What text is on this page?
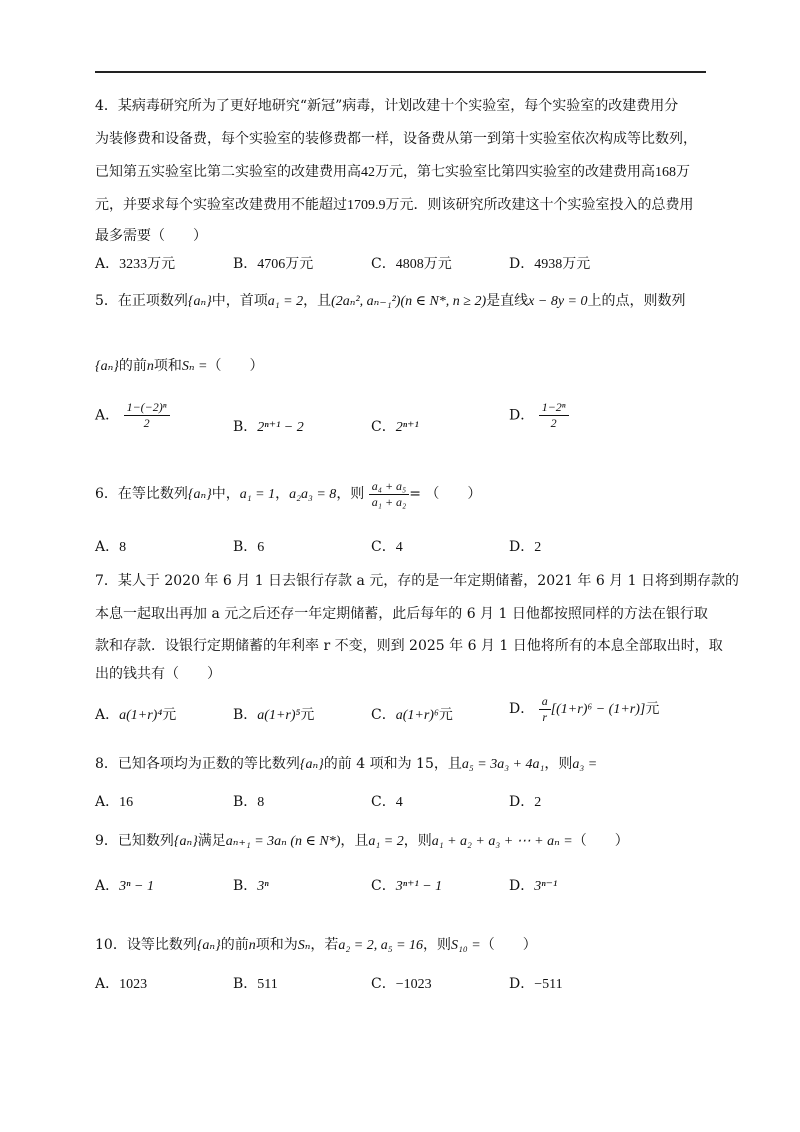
4．某病毒研究所为了更好地研究“新冠”病毒，计划改建十个实验室，每个实验室的改建费用分
为装修费和设备费，每个实验室的装修费都一样，设备费从第一到第十实验室依次构成等比数列，
已知第五实验室比第二实验室的改建费用高42万元，第七实验室比第四实验室的改建费用高168万
元，并要求每个实验室改建费用不能超过1709.9万元．则该研究所改建这十个实验室投入的总费用
最多需要（　　）
A．3233万元	B．4706万元	C．4808万元	D．4938万元
5．在正项数列{aₙ}中，首项a₁ = 2，且(2aₙ², aₙ₋₁²)(n ∈ N*, n ≥ 2)是直线x − 8y = 0上的点，则数列
{aₙ}的前n项和Sₙ =（　　）
A． $\frac{\text{1−(−2)ⁿ}}{2}$	B．2ⁿ⁺¹ − 2	C．2ⁿ⁺¹
D． $\frac{\text{1−2ⁿ}}{2}$
6．在等比数列{aₙ}中，a₁ = 1，a₂a₃ = 8，则 $\frac{\text{a₄ + a₅}}{\text{a₁ + a₂}}$ = （　　）
A．8	B．6	C．4	D．2
7．某人于 2020 年 6 月 1 日去银行存款 a 元，存的是一年定期储蓄，2021 年 6 月 1 日将到期存款的
本息一起取出再加 a 元之后还存一年定期储蓄，此后每年的 6 月 1 日他都按照同样的方法在银行取
款和存款．设银行定期储蓄的年利率 r 不变，则到 2025 年 6 月 1 日他将所有的本息全部取出时，取
出的钱共有（　　）
A．a(1+r)⁴元	B．a(1+r)⁵元	C．a(1+r)⁶元	D． $\frac{a}{r} [(1+r)^6 - (1+r)]$元
8．已知各项均为正数的等比数列{aₙ}的前 4 项和为 15，且a₅ = 3a₃ + 4a₁，则a₃ =
A．16	B．8	C．4	D．2
9．已知数列{aₙ}满足aₙ₊₁ = 3aₙ (n ∈ N*)，且a₁ = 2，则a₁ + a₂ + a₃ + ⋯ + aₙ =（　　）
A．3ⁿ − 1	B．3ⁿ	C．3ⁿ⁺¹ − 1	D．3ⁿ⁻¹
10．设等比数列{aₙ}的前n项和为Sₙ，若a₂ = 2, a₅ = 16，则S₁₀ =（　　）
A．1023	B．511	C．−1023	D．−511
